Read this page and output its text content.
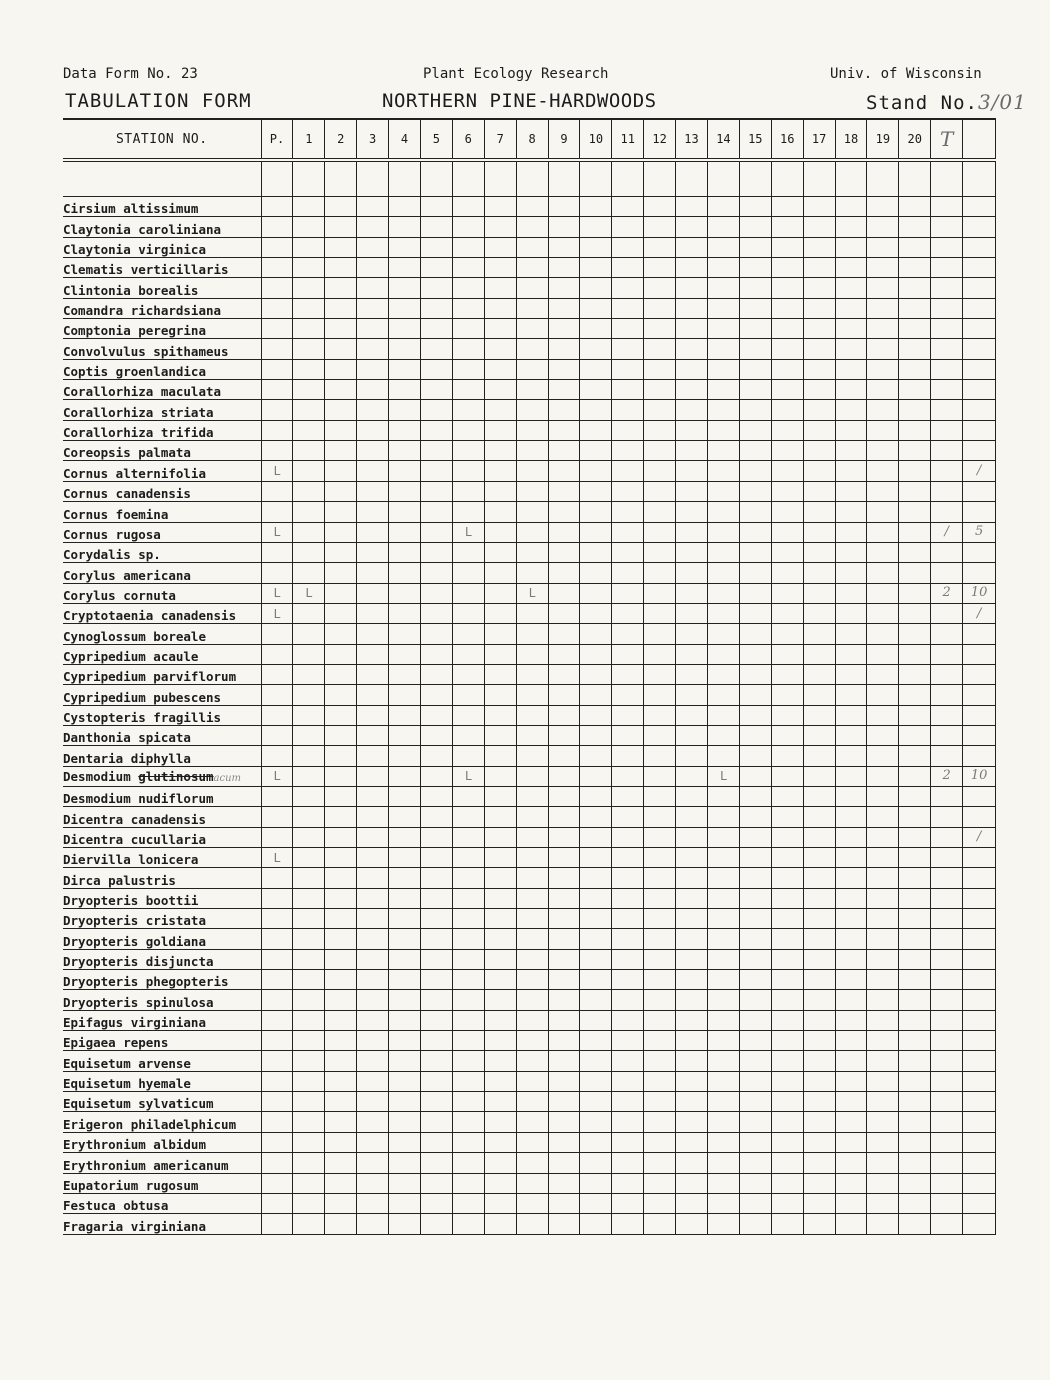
Data Form No. 23	Plant Ecology Research	Univ. of Wisconsin
TABULATION FORM	NORTHERN PINE-HARDWOODS	Stand No.3/01
STATION NO.	P.	1	2	3	4	5	6	7	8	9	10	11	12	13	14	15	16	17	18	19	20	T	

Cirsium altissimum																							
Claytonia caroliniana																							
Claytonia virginica																							
Clematis verticillaris																							
Clintonia borealis																							
Comandra richardsiana																							
Comptonia peregrina																							
Convolvulus spithameus																							
Coptis groenlandica																							
Corallorhiza maculata																							
Corallorhiza striata																							
Corallorhiza trifida																							
Coreopsis palmata																							
Cornus alternifolia	L																						/

Cornus canadensis																							
Cornus foemina																							
Cornus rugosa	L						L															/	5

Corydalis sp.																							
Corylus americana																							
Corylus cornuta	L	L							L													2	10

Cryptotaenia canadensis	L																						/

Cynoglossum boreale																							
Cypripedium acaule																							
Cypripedium parviflorum																							
Cypripedium pubescens																							
Cystopteris fragillis																							
Danthonia spicata																							
Dentaria diphylla																							
Desmodium glutinosumacum	L						L								L							2	10

Desmodium nudiflorum																							
Dicentra canadensis																							
Dicentra cucullaria																							/

Diervilla lonicera	L																						

Dirca palustris																							
Dryopteris boottii																							
Dryopteris cristata																							
Dryopteris goldiana																							
Dryopteris disjuncta																							
Dryopteris phegopteris																							
Dryopteris spinulosa																							
Epifagus virginiana																							
Epigaea repens																							
Equisetum arvense																							
Equisetum hyemale																							
Equisetum sylvaticum																							
Erigeron philadelphicum																							
Erythronium albidum																							
Erythronium americanum																							
Eupatorium rugosum																							
Festuca obtusa																							
Fragaria virginiana																							
